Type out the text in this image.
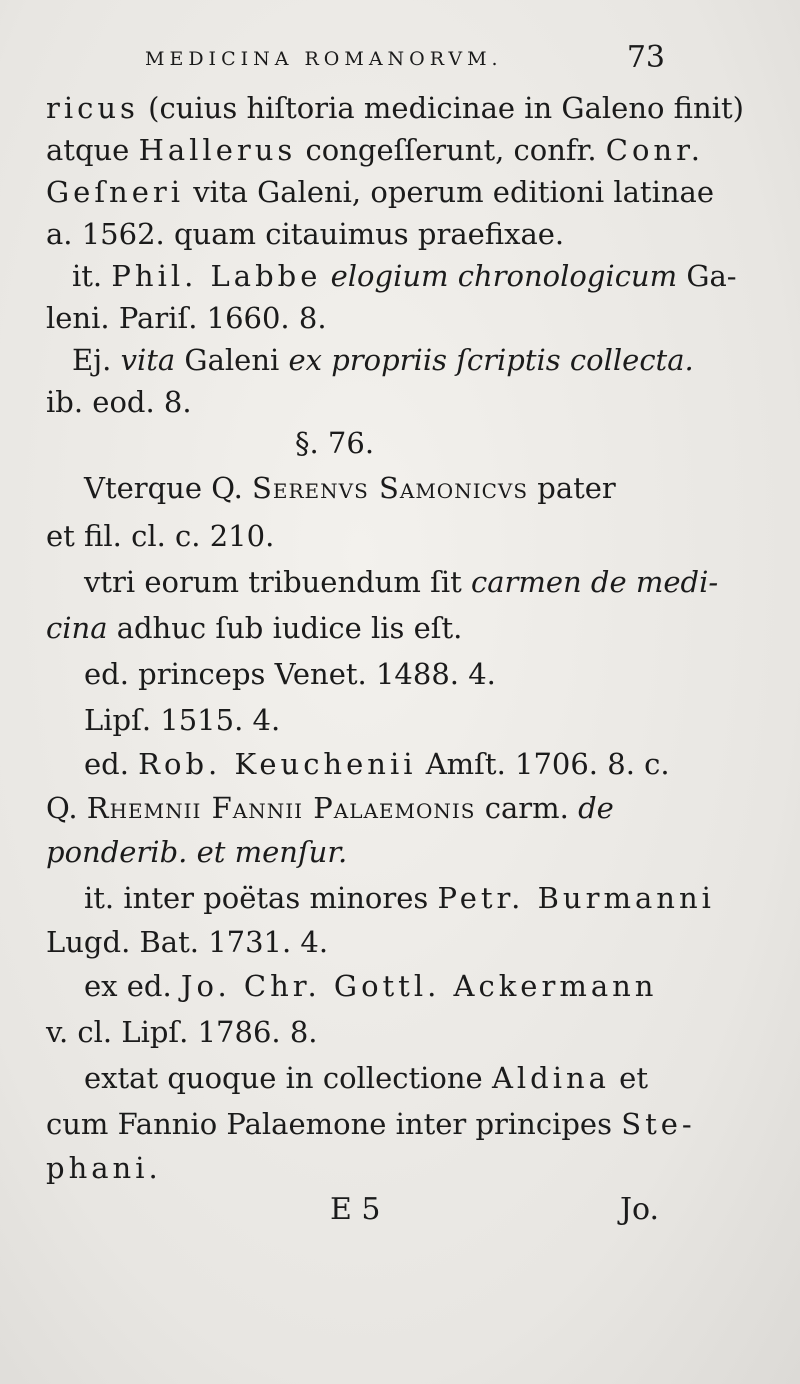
MEDICINA ROMANORVM.	73
ricus (cuius hiſtoria medicinae in Galeno finit)
atque Hallerus congeſſerunt, confr. Conr.
Geſneri vita Galeni, operum editioni latinae
a. 1562. quam citauimus praefixae.
it. Phil. Labbe elogium chronologicum Ga-
leni. Pariſ. 1660. 8.
Ej. vita Galeni ex propriis ſcriptis collecta.
ib. eod. 8.
§. 76.
Vterque Q. Serenvs Samonicvs pater
et fil. cl. c. 210.
vtri eorum tribuendum ſit carmen de medi-
cina adhuc ſub iudice lis eſt.
ed. princeps Venet. 1488. 4.
Lipſ. 1515. 4.
ed. Rob. Keuchenii Amſt. 1706. 8. c.
Q. Rhemnii Fannii Palaemonis carm. de
ponderib. et menſur.
it. inter poëtas minores Petr. Burmanni
Lugd. Bat. 1731. 4.
ex ed. Jo. Chr. Gottl. Ackermann
v. cl. Lipſ. 1786. 8.
extat quoque in collectione Aldina et
cum Fannio Palaemone inter principes Ste-
phani.
E 5	Jo.
